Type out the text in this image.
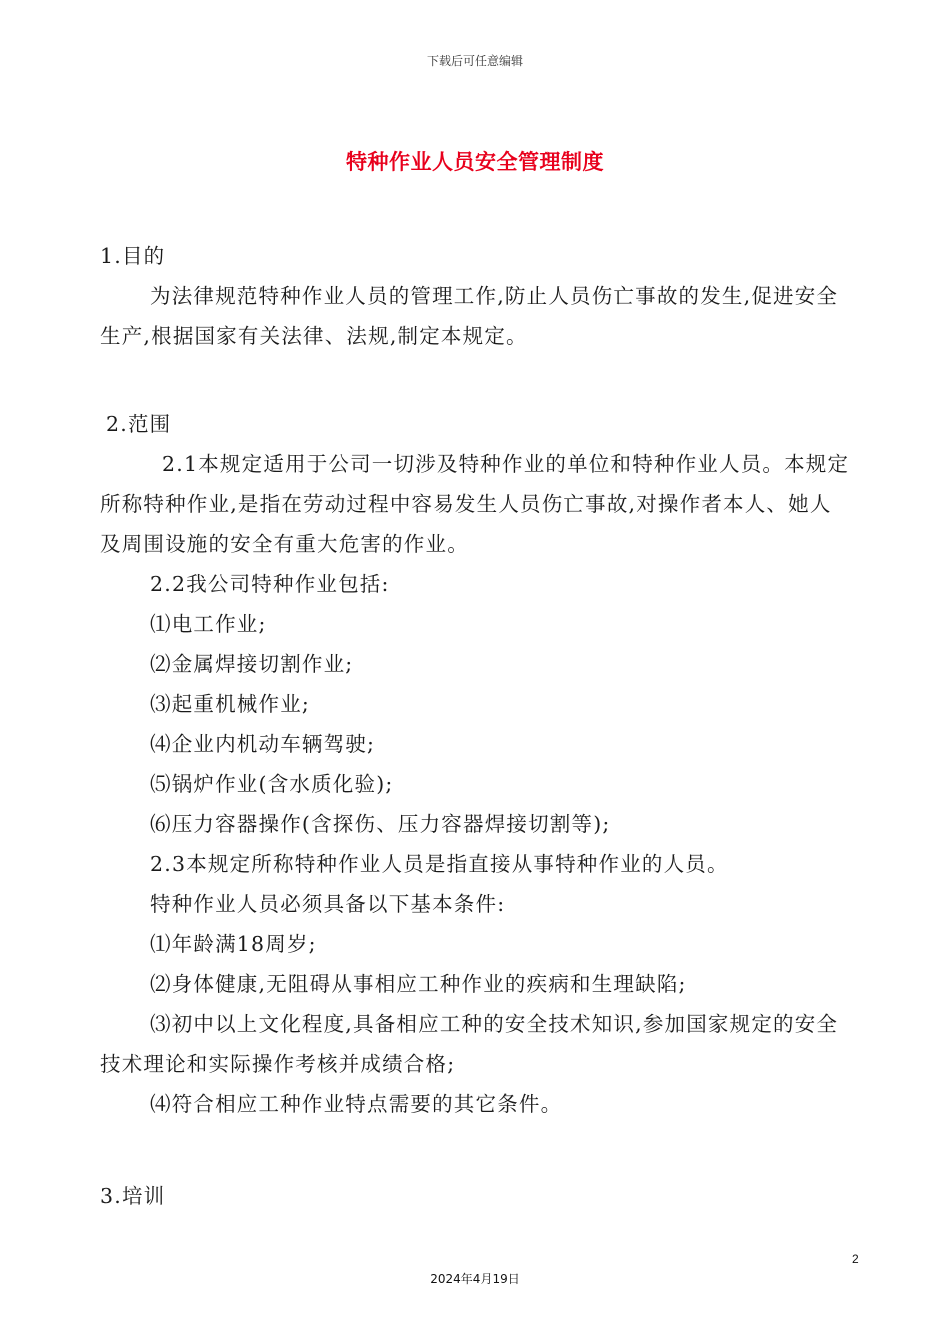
下载后可任意编辑
特种作业人员安全管理制度

1.目的

为法律规范特种作业人员的管理工作,防止人员伤亡事故的发生,促进安全生产,根据国家有关法律、法规,制定本规定。

2.范围

2.1本规定适用于公司一切涉及特种作业的单位和特种作业人员。本规定所称特种作业,是指在劳动过程中容易发生人员伤亡事故,对操作者本人、她人及周围设施的安全有重大危害的作业。

2.2我公司特种作业包括:

⑴电工作业;

⑵金属焊接切割作业;

⑶起重机械作业;

⑷企业内机动车辆驾驶;

⑸锅炉作业(含水质化验);

⑹压力容器操作(含探伤、压力容器焊接切割等);

2.3本规定所称特种作业人员是指直接从事特种作业的人员。

特种作业人员必须具备以下基本条件:

⑴年龄满18周岁;

⑵身体健康,无阻碍从事相应工种作业的疾病和生理缺陷;

⑶初中以上文化程度,具备相应工种的安全技术知识,参加国家规定的安全技术理论和实际操作考核并成绩合格;

⑷符合相应工种作业特点需要的其它条件。

3.培训

2
2024年4月19日
